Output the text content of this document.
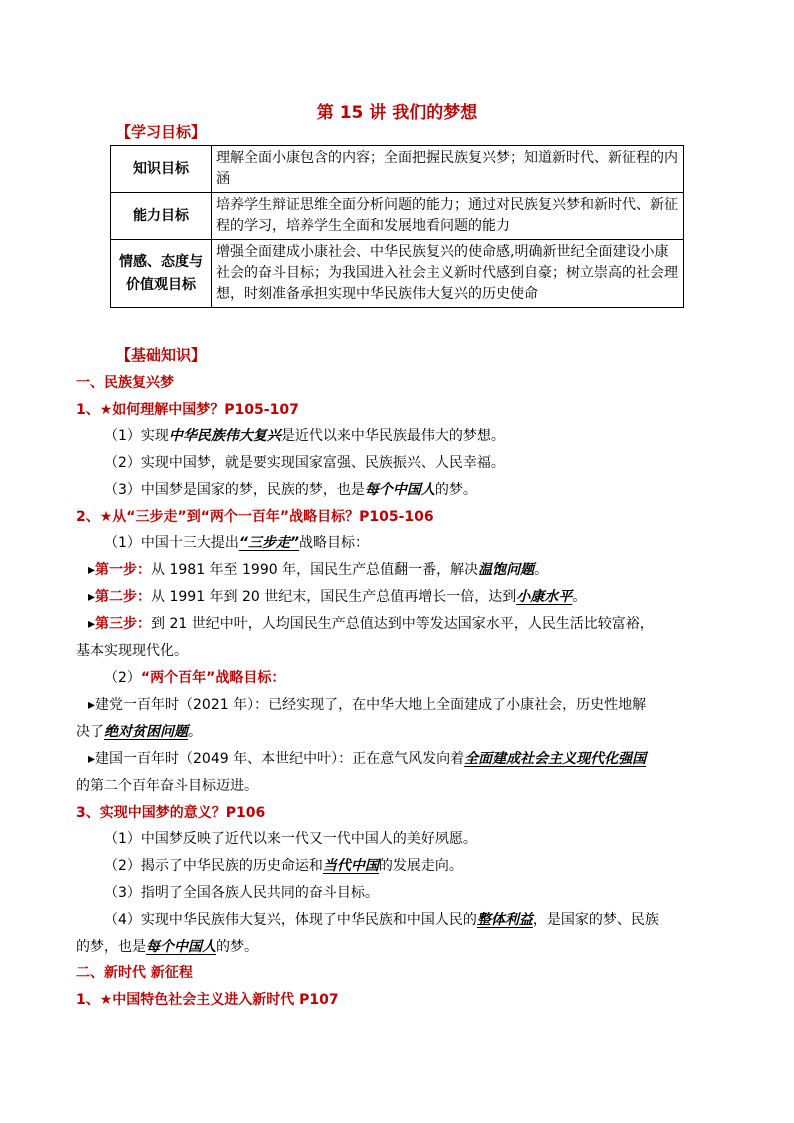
第 15 讲 我们的梦想
【学习目标】
知识目标	理解全面小康包含的内容；全面把握民族复兴梦；知道新时代、新征程的内涵
能力目标	培养学生辩证思维全面分析问题的能力；通过对民族复兴梦和新时代、新征程的学习，培养学生全面和发展地看问题的能力
情感、态度与
价值观目标	增强全面建成小康社会、中华民族复兴的使命感,明确新世纪全面建设小康社会的奋斗目标；为我国进入社会主义新时代感到自豪；树立崇高的社会理想，时刻准备承担实现中华民族伟大复兴的历史使命
【基础知识】
一、民族复兴梦
1、★如何理解中国梦？P105-107
（1）实现中华民族伟大复兴是近代以来中华民族最伟大的梦想。
（2）实现中国梦，就是要实现国家富强、民族振兴、人民幸福。
（3）中国梦是国家的梦，民族的梦，也是每个中国人的梦。
2、★从“三步走”到“两个一百年”战略目标？P105-106
（1）中国十三大提出“三步走”战略目标：
▸第一步：从 1981 年至 1990 年，国民生产总值翻一番，解决温饱问题。
▸第二步：从 1991 年到 20 世纪末，国民生产总值再增长一倍，达到小康水平。
▸第三步：到 21 世纪中叶，人均国民生产总值达到中等发达国家水平，人民生活比较富裕，
基本实现现代化。
（2）“两个百年”战略目标：
▸建党一百年时（2021 年）：已经实现了，在中华大地上全面建成了小康社会，历史性地解
决了绝对贫困问题。
▸建国一百年时（2049 年、本世纪中叶）：正在意气风发向着全面建成社会主义现代化强国
的第二个百年奋斗目标迈进。
3、实现中国梦的意义？P106
（1）中国梦反映了近代以来一代又一代中国人的美好夙愿。
（2）揭示了中华民族的历史命运和当代中国的发展走向。
（3）指明了全国各族人民共同的奋斗目标。
（4）实现中华民族伟大复兴，体现了中华民族和中国人民的整体利益，是国家的梦、民族
的梦，也是每个中国人的梦。
二、新时代 新征程
1、★中国特色社会主义进入新时代 P107
